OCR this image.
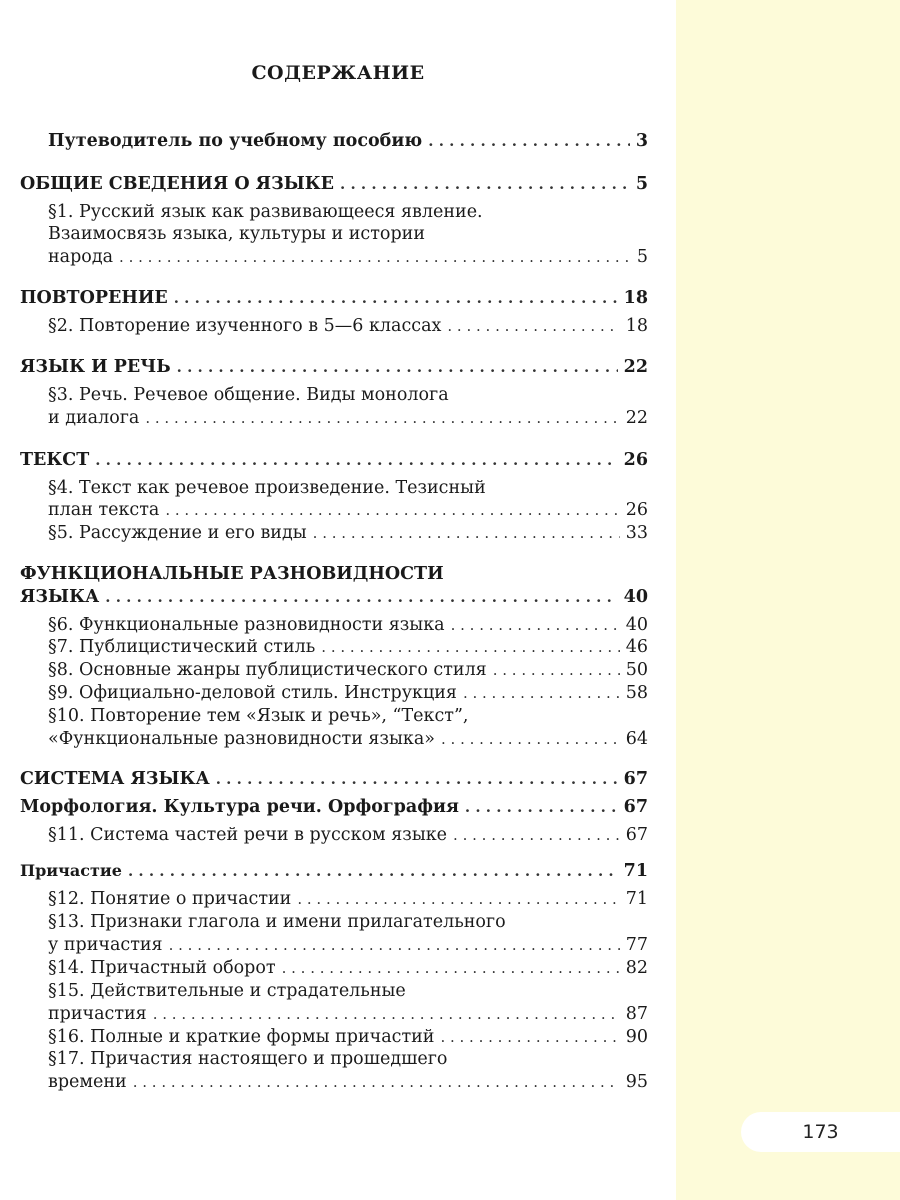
СОДЕРЖАНИЕ
Путеводитель по учебному пособию . . .	3
ОБЩИЕ СВЕДЕНИЯ О ЯЗЫКЕ . . .	5
§1. Русский язык как развивающееся явление.
Взаимосвязь языка, культуры и истории
народа . . .	5
ПОВТОРЕНИЕ . . .	18
§2. Повторение изученного в 5—6 классах . . .	18
ЯЗЫК И РЕЧЬ . . .	22
§3. Речь. Речевое общение. Виды монолога
и диалога . . .	22
ТЕКСТ . . .	26
§4. Текст как речевое произведение. Тезисный
план текста . . .	26
§5. Рассуждение и его виды . . .	33
ФУНКЦИОНАЛЬНЫЕ РАЗНОВИДНОСТИ
ЯЗЫКА . . .	40
§6. Функциональные разновидности языка . . .	40
§7. Публицистический стиль . . .	46
§8. Основные жанры публицистического стиля . . .	50
§9. Официально-деловой стиль. Инструкция . . .	58
§10. Повторение тем «Язык и речь», “Текст”,
«Функциональные разновидности языка» . . .	64
СИСТЕМА ЯЗЫКА . . .	67
Морфология. Культура речи. Орфография . . .	67
§11. Система частей речи в русском языке . . .	67
Причастие . . .	71
§12. Понятие о причастии . . .	71
§13. Признаки глагола и имени прилагательного
у причастия . . .	77
§14. Причастный оборот . . .	82
§15. Действительные и страдательные
причастия . . .	87
§16. Полные и краткие формы причастий . . .	90
§17. Причастия настоящего и прошедшего
времени . . .	95
173
